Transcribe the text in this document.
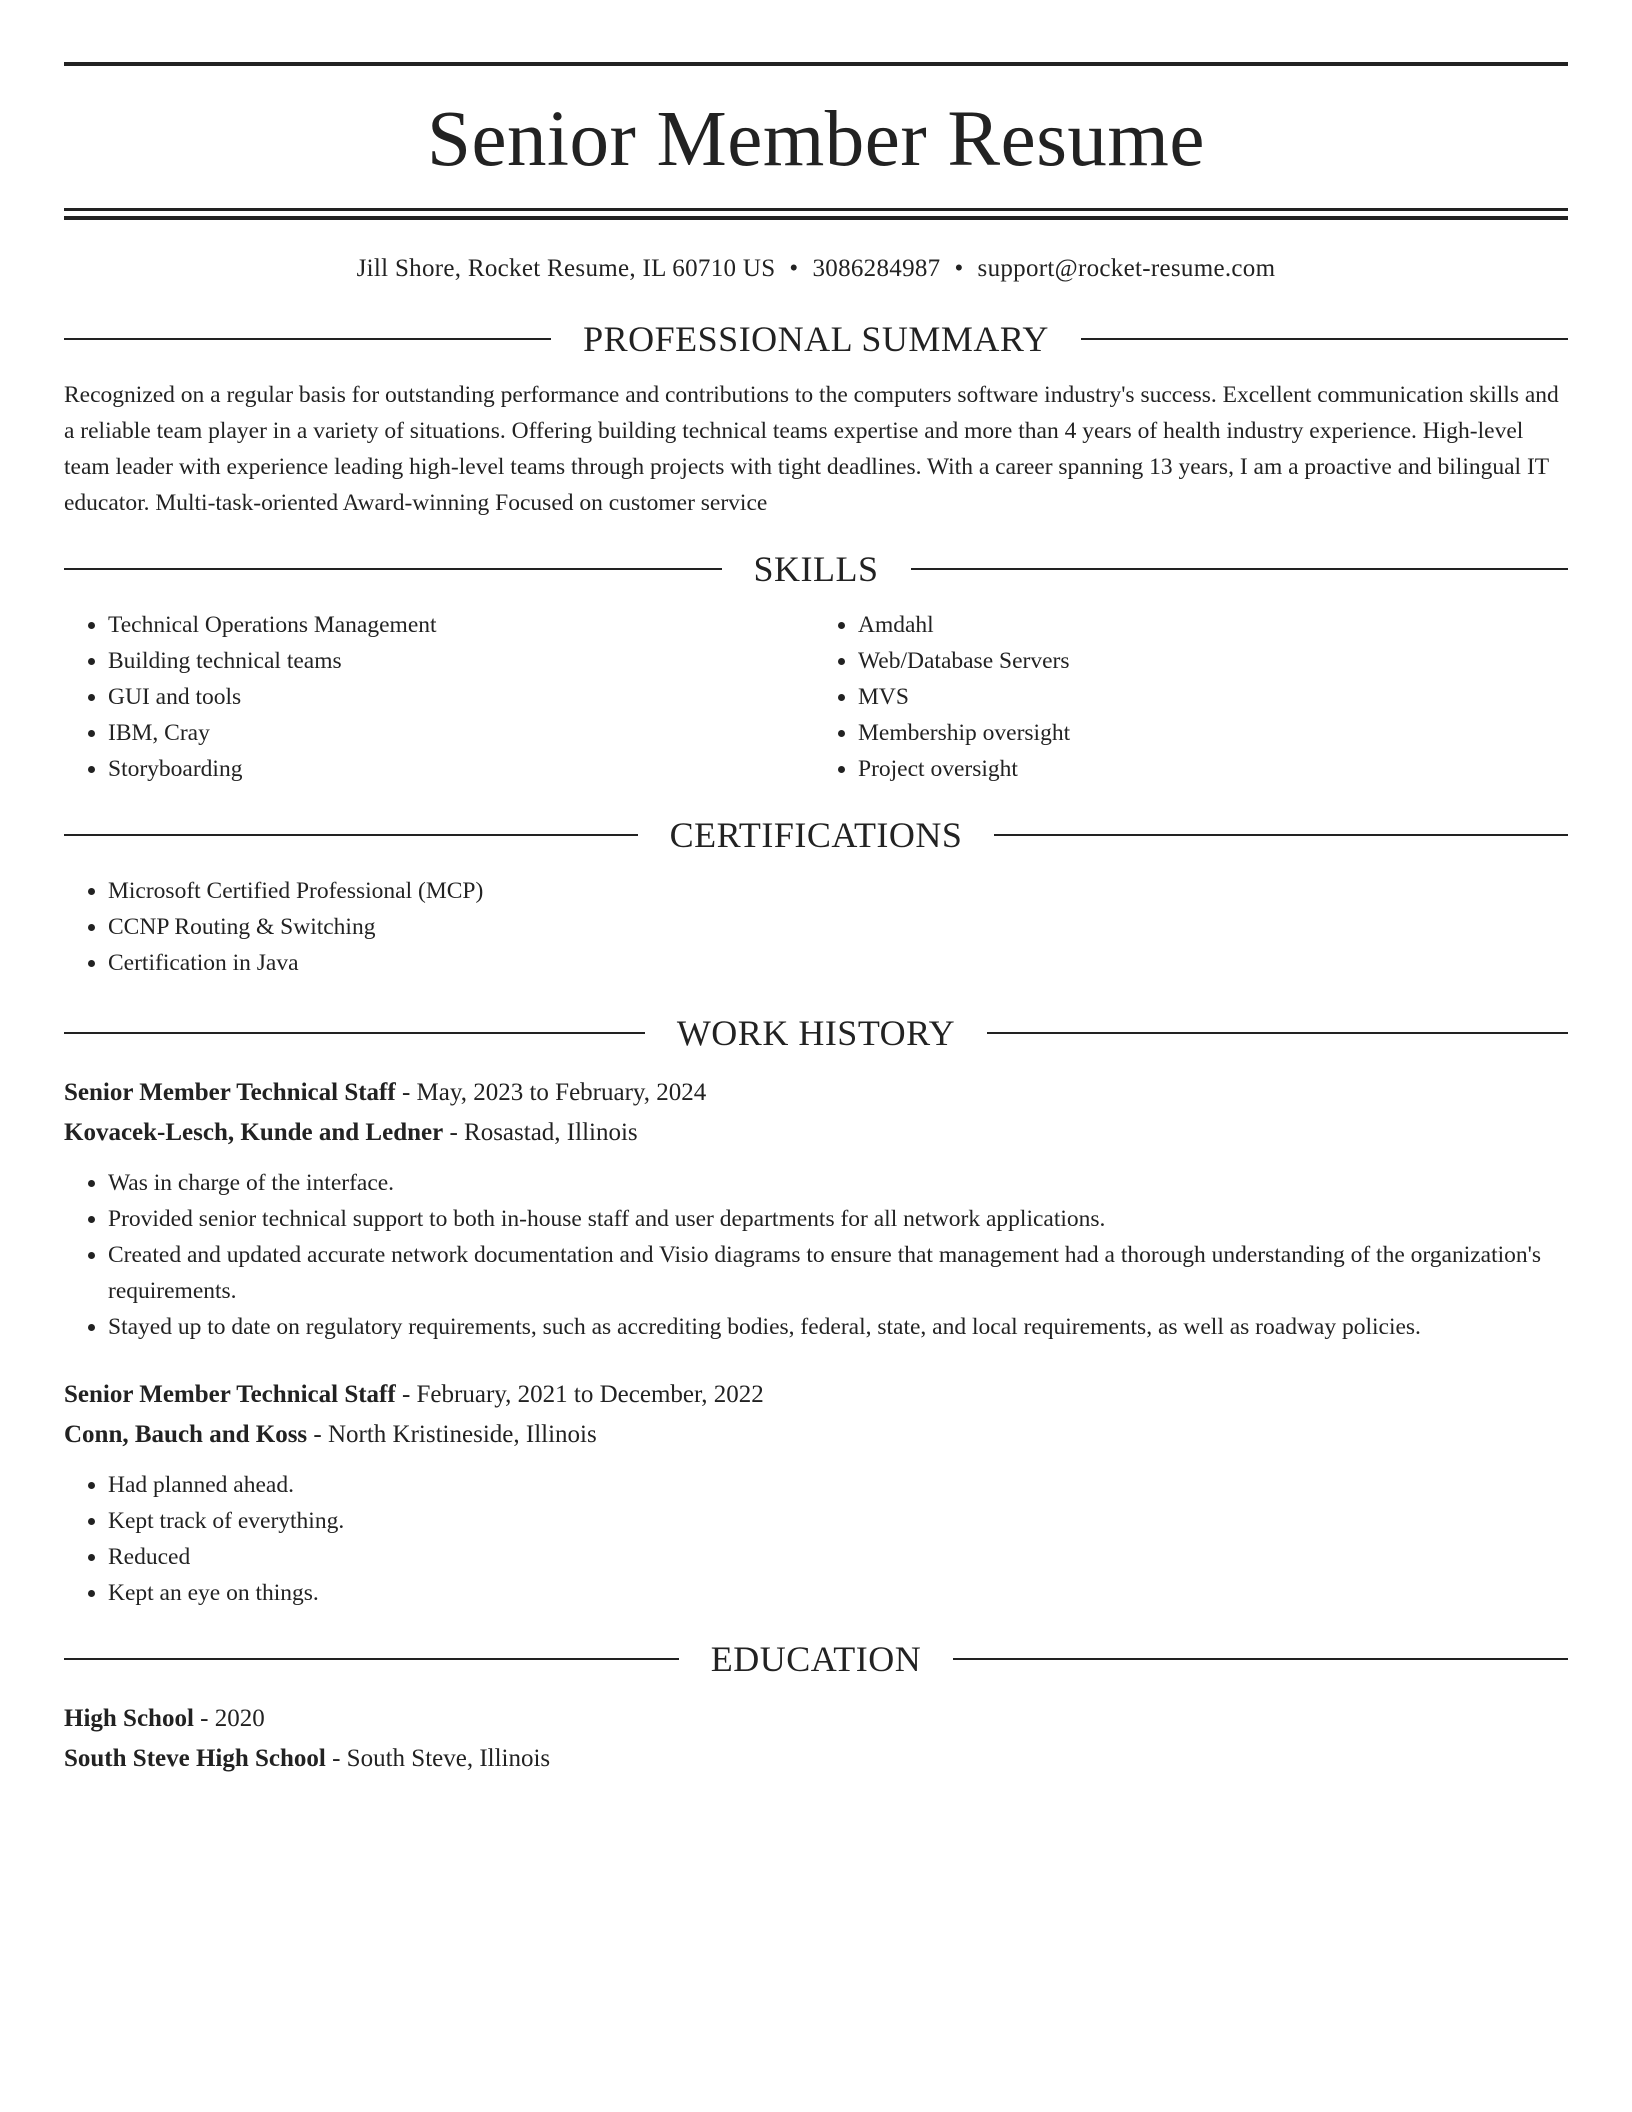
Senior Member Resume
Jill Shore, Rocket Resume, IL 60710 US • 3086284987 • support@rocket-resume.com
PROFESSIONAL SUMMARY
Recognized on a regular basis for outstanding performance and contributions to the computers software industry's success. Excellent communication skills and a reliable team player in a variety of situations. Offering building technical teams expertise and more than 4 years of health industry experience. High-level team leader with experience leading high-level teams through projects with tight deadlines. With a career spanning 13 years, I am a proactive and bilingual IT educator. Multi-task-oriented Award-winning Focused on customer service
SKILLS
• Technical Operations Management
• Building technical teams
• GUI and tools
• IBM, Cray
• Storyboarding
• Amdahl
• Web/Database Servers
• MVS
• Membership oversight
• Project oversight
CERTIFICATIONS
• Microsoft Certified Professional (MCP)
• CCNP Routing & Switching
• Certification in Java
WORK HISTORY
Senior Member Technical Staff - May, 2023 to February, 2024
Kovacek-Lesch, Kunde and Ledner - Rosastad, Illinois
• Was in charge of the interface.
• Provided senior technical support to both in-house staff and user departments for all network applications.
• Created and updated accurate network documentation and Visio diagrams to ensure that management had a thorough understanding of the organization's requirements.
• Stayed up to date on regulatory requirements, such as accrediting bodies, federal, state, and local requirements, as well as roadway policies.
Senior Member Technical Staff - February, 2021 to December, 2022
Conn, Bauch and Koss - North Kristineside, Illinois
• Had planned ahead.
• Kept track of everything.
• Reduced
• Kept an eye on things.
EDUCATION
High School - 2020
South Steve High School - South Steve, Illinois
